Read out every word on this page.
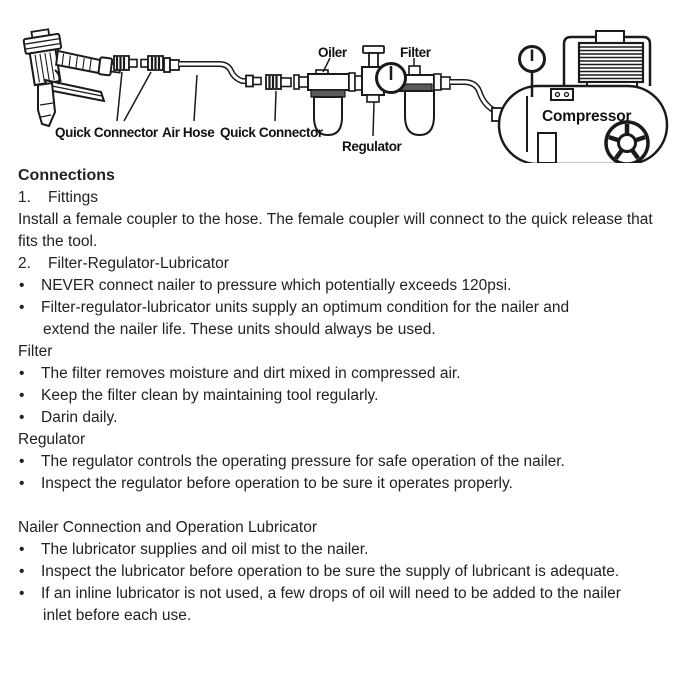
Quick Connector Air Hose Quick Connector
Oiler
Regulator
Filter
Compressor
Connections
1. Fittings
Install a female coupler to the hose. The female coupler will connect to the quick release that
fits the tool.
2. Filter-Regulator-Lubricator
• NEVER connect nailer to pressure which potentially exceeds 120psi.
• Filter-regulator-lubricator units supply an optimum condition for the nailer and
extend the nailer life. These units should always be used.
Filter
• The filter removes moisture and dirt mixed in compressed air.
• Keep the filter clean by maintaining tool regularly.
• Darin daily.
Regulator
• The regulator controls the operating pressure for safe operation of the nailer.
• Inspect the regulator before operation to be sure it operates properly.
Nailer Connection and Operation Lubricator
• The lubricator supplies and oil mist to the nailer.
• Inspect the lubricator before operation to be sure the supply of lubricant is adequate.
• If an inline lubricator is not used, a few drops of oil will need to be added to the nailer
inlet before each use.
